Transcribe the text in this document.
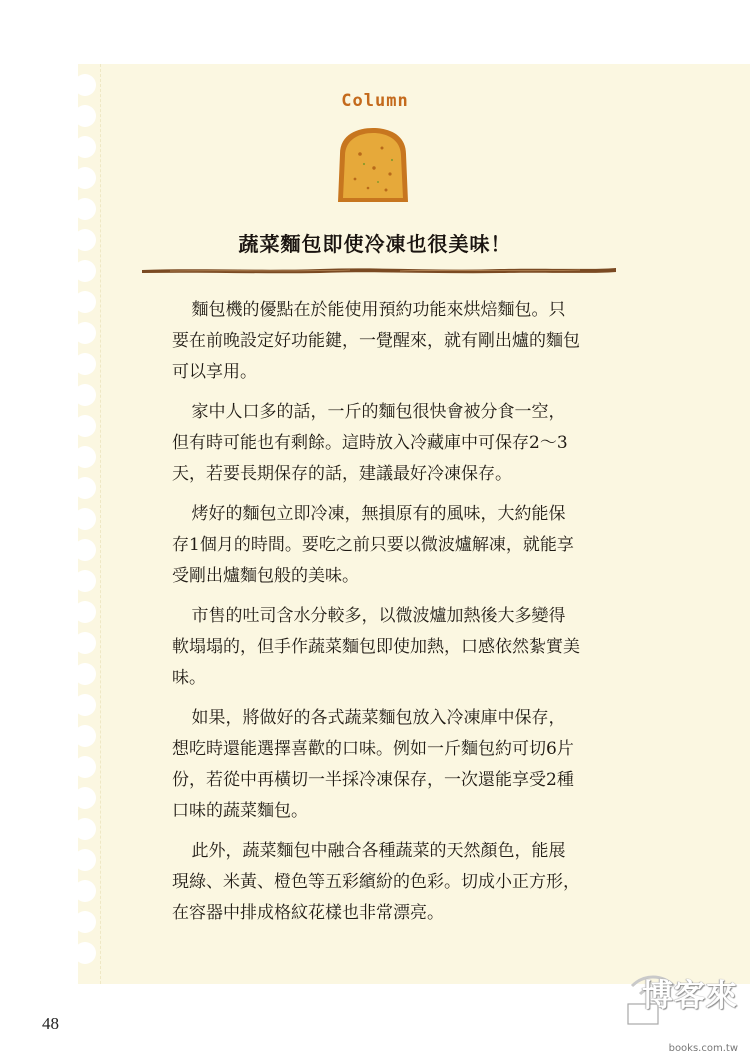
Column
蔬菜麵包即使冷凍也很美味！

麵包機的優點在於能使用預約功能來烘焙麵包。只要在前晚設定好功能鍵，一覺醒來，就有剛出爐的麵包可以享用。

家中人口多的話，一斤的麵包很快會被分食一空，但有時可能也有剩餘。這時放入冷藏庫中可保存2～3天，若要長期保存的話，建議最好冷凍保存。

烤好的麵包立即冷凍，無損原有的風味，大約能保存1個月的時間。要吃之前只要以微波爐解凍，就能享受剛出爐麵包般的美味。

市售的吐司含水分較多，以微波爐加熱後大多變得軟塌塌的，但手作蔬菜麵包即使加熱，口感依然紮實美味。

如果，將做好的各式蔬菜麵包放入冷凍庫中保存，想吃時還能選擇喜歡的口味。例如一斤麵包約可切6片份，若從中再橫切一半採冷凍保存，一次還能享受2種口味的蔬菜麵包。

此外，蔬菜麵包中融合各種蔬菜的天然顏色，能展現綠、米黃、橙色等五彩繽紛的色彩。切成小正方形，在容器中排成格紋花樣也非常漂亮。

48
博客來
books.com.tw
